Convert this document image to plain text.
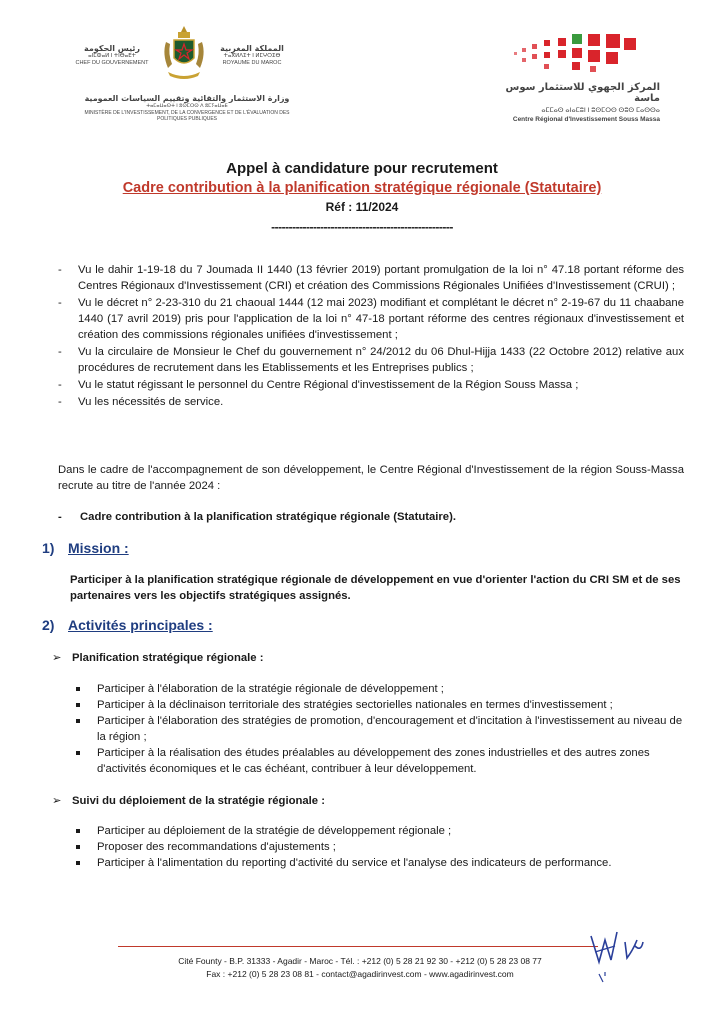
رئيس الحكومة
ⴰⵏⵎⵀⴰⵍ ⵏ ⵜⵏⴱⴰⴹⵜ
CHEF DU GOUVERNEMENT
المملكة المغربية
ⵜⴰⴳⵍⴷⵉⵜ ⵏ ⵍⵎⵖⵔⵉⴱ
ROYAUME DU MAROC
وزارة الاستثمار والتقائية وتقييم السياسات العمومية
ⵜⴰⵎⴰⵡⴰⵙⵜ ⵏ ⵓⵙⵎⵔⵙ ⴷ ⵓⵎⵢⴰⵡⴰⴹ
MINISTÈRE DE L'INVESTISSEMENT, DE LA CONVERGENCE ET DE L'ÉVALUATION DES POLITIQUES PUBLIQUES
المركز الجهوي للاستثمار سوس ماسة
ⴰⵎⵎⴰⵙ ⴰⵏⴰⵎⵓⵏ ⵏ ⵓⵙⵎⵔⵙ ⵙⵓⵙ ⵎⴰⵙⵙⴰ
Centre Régional d'Investissement Souss Massa
Appel à candidature pour recrutement
Cadre contribution à la planification stratégique régionale (Statutaire)
Réf : 11/2024
----------------------------------------------------
- Vu le dahir 1-19-18 du 7 Joumada II 1440 (13 février 2019) portant promulgation de la loi n° 47.18 portant réforme des Centres Régionaux d'Investissement (CRI) et création des Commissions Régionales Unifiées d'Investissement (CRUI) ;
- Vu le décret n° 2-23-310 du 21 chaoual 1444 (12 mai 2023) modifiant et complétant le décret n° 2-19-67 du 11 chaabane 1440 (17 avril 2019) pris pour l'application de la loi n° 47-18 portant réforme des centres régionaux d'investissement et création des commissions régionales unifiées d'investissement ;
- Vu la circulaire de Monsieur le Chef du gouvernement n° 24/2012 du 06 Dhul-Hijja 1433 (22 Octobre 2012) relative aux procédures de recrutement dans les Etablissements et les Entreprises publics ;
- Vu le statut régissant le personnel du Centre Régional d'investissement de la Région Souss Massa ;
- Vu les nécessités de service.
Dans le cadre de l'accompagnement de son développement, le Centre Régional d'Investissement de la région Souss-Massa recrute au titre de l'année 2024 :
- Cadre contribution à la planification stratégique régionale (Statutaire).
1) Mission :
Participer à la planification stratégique régionale de développement en vue d'orienter l'action du CRI SM et de ses partenaires vers les objectifs stratégiques assignés.
2) Activités principales :
➢ Planification stratégique régionale :
Participer à l'élaboration de la stratégie régionale de développement ;
Participer à la déclinaison territoriale des stratégies sectorielles nationales en termes d'investissement ;
Participer à l'élaboration des stratégies de promotion, d'encouragement et d'incitation à l'investissement au niveau de la région ;
Participer à la réalisation des études préalables au développement des zones industrielles et des autres zones d'activités économiques et le cas échéant, contribuer à leur développement.
➢ Suivi du déploiement de la stratégie régionale :
Participer au déploiement de la stratégie de développement régionale ;
Proposer des recommandations d'ajustements ;
Participer à l'alimentation du reporting d'activité du service et l'analyse des indicateurs de performance.
Cité Founty - B.P. 31333 - Agadir - Maroc - Tél. : +212 (0) 5 28 21 92 30 - +212 (0) 5 28 23 08 77
Fax : +212 (0) 5 28 23 08 81 - contact@agadirinvest.com - www.agadirinvest.com
